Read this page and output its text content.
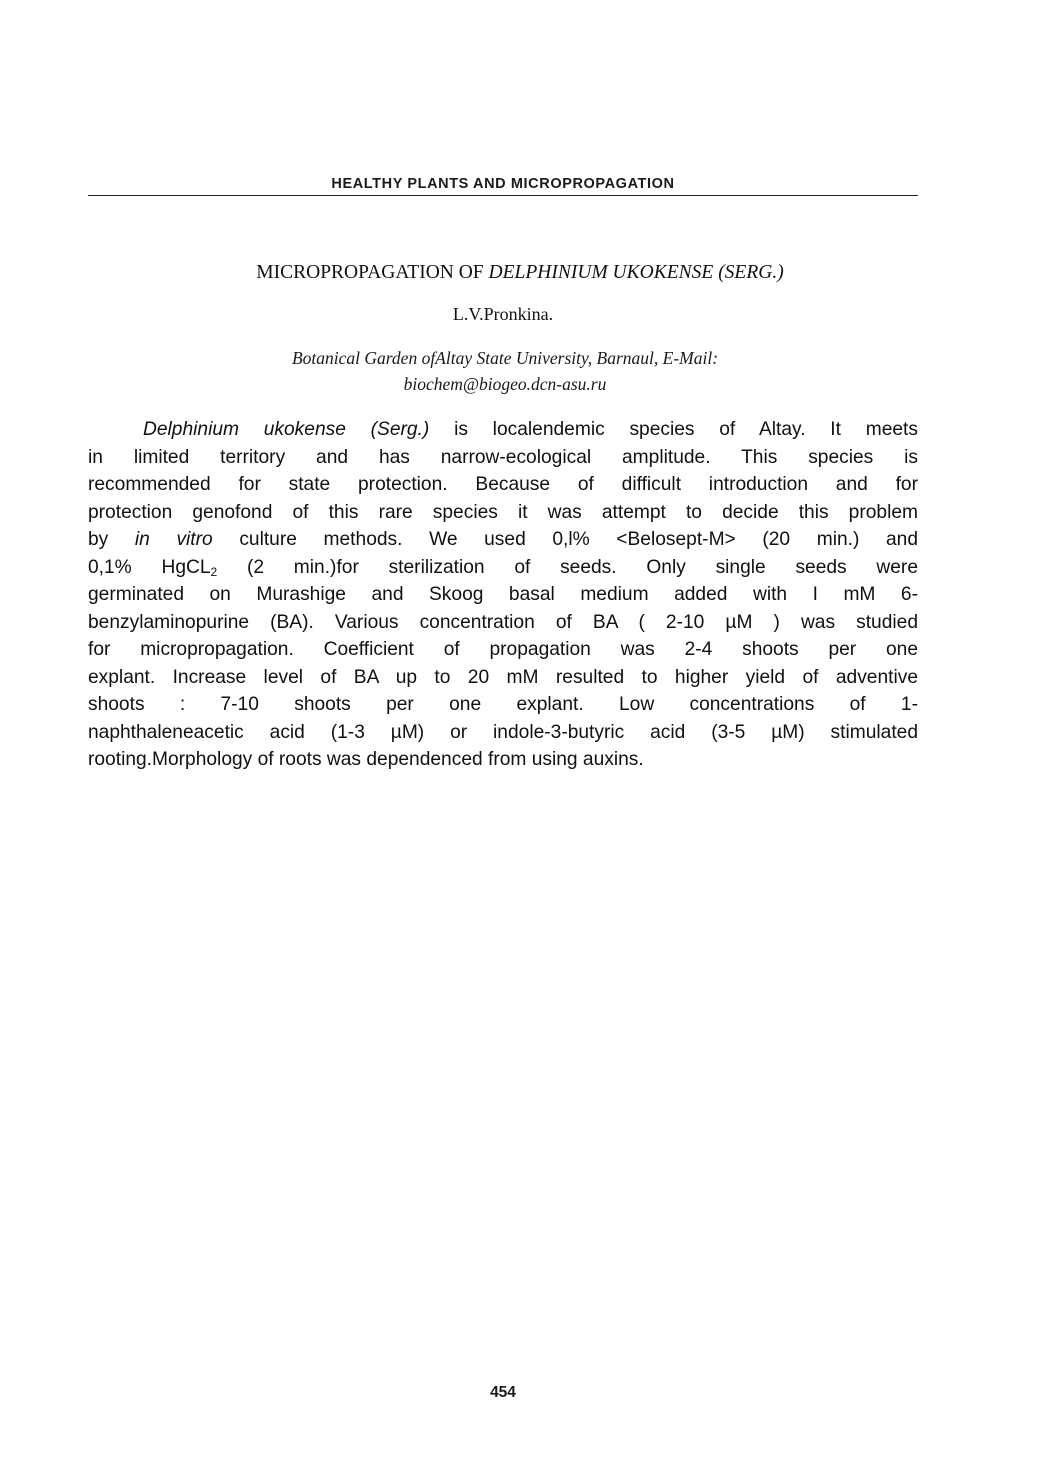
HEALTHY PLANTS AND MICROPROPAGATION
MICROPROPAGATION OF DELPHINIUM UKOKENSE (SERG.)
L.V.Pronkina.
Botanical Garden ofAltay State University, Barnaul, E-Mail:
biochem@biogeo.dcn-asu.ru
Delphinium ukokense (Serg.) is localendemic species of Altay. It meets
in limited territory and has narrow-ecological amplitude. This species is
recommended for state protection. Because of difficult introduction and for
protection genofond of this rare species it was attempt to decide this problem
by in vitro culture methods. We used 0,l% <Belosept-M> (20 min.) and
0,1% HgCL$_2$ (2 min.)for sterilization of seeds. Only single seeds were
germinated on Murashige and Skoog basal medium added with I mM 6-
benzylaminopurine (BA). Various concentration of BA ( 2-10 µM ) was studied
for micropropagation. Coefficient of propagation was 2-4 shoots per one
explant. Increase level of BA up to 20 mM resulted to higher yield of adventive
shoots : 7-10 shoots per one explant. Low concentrations of 1-
naphthaleneacetic acid (1-3 µM) or indole-3-butyric acid (3-5 µM) stimulated
rooting.Morphology of roots was dependenced from using auxins.
454
